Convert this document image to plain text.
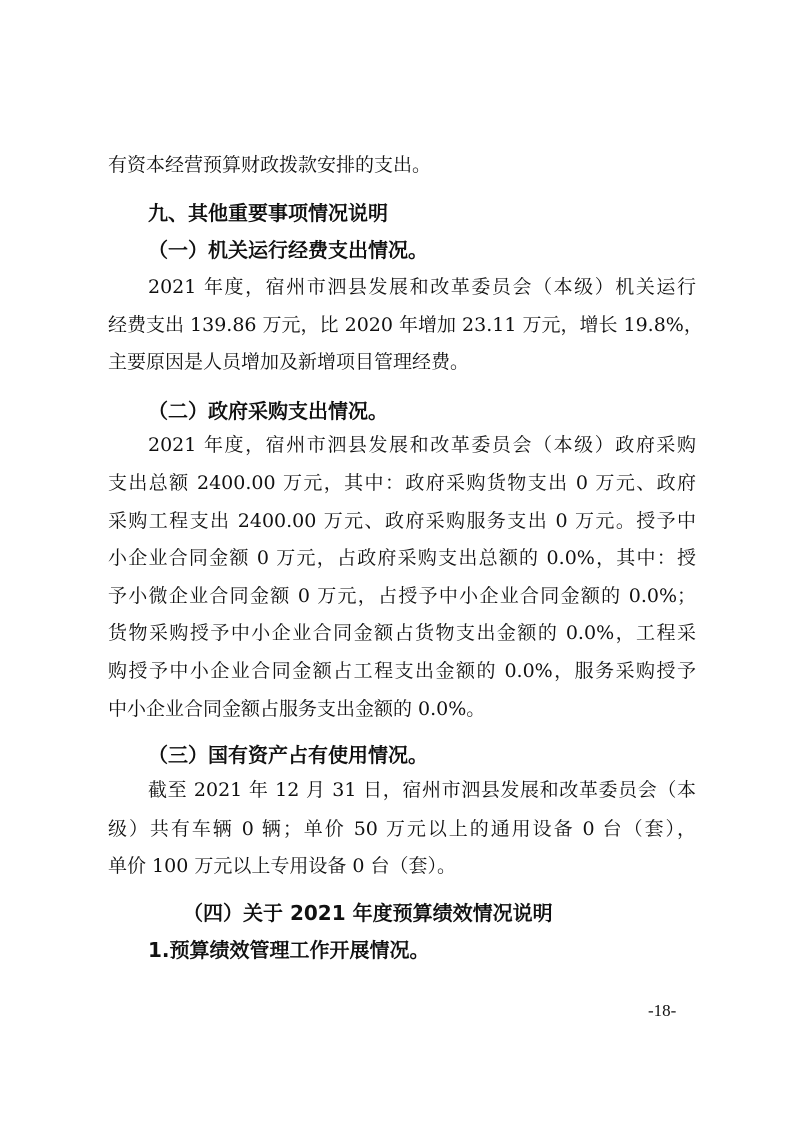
有资本经营预算财政拨款安排的支出。
九、其他重要事项情况说明
（一）机关运行经费支出情况。
2021 年度，宿州市泗县发展和改革委员会（本级）机关运行
经费支出 139.86 万元，比 2020 年增加 23.11 万元，增长 19.8%，
主要原因是人员增加及新增项目管理经费。
（二）政府采购支出情况。
2021 年度，宿州市泗县发展和改革委员会（本级）政府采购
支出总额 2400.00 万元，其中：政府采购货物支出 0 万元、政府
采购工程支出 2400.00 万元、政府采购服务支出 0 万元。授予中
小企业合同金额 0 万元，占政府采购支出总额的 0.0%，其中：授
予小微企业合同金额 0 万元，占授予中小企业合同金额的 0.0%；
货物采购授予中小企业合同金额占货物支出金额的 0.0%，工程采
购授予中小企业合同金额占工程支出金额的 0.0%，服务采购授予
中小企业合同金额占服务支出金额的 0.0%。
（三）国有资产占有使用情况。
截至 2021 年 12 月 31 日，宿州市泗县发展和改革委员会（本
级）共有车辆 0 辆；单价 50 万元以上的通用设备 0 台（套），
单价 100 万元以上专用设备 0 台（套）。
（四）关于 2021 年度预算绩效情况说明
1.预算绩效管理工作开展情况。
-18-
